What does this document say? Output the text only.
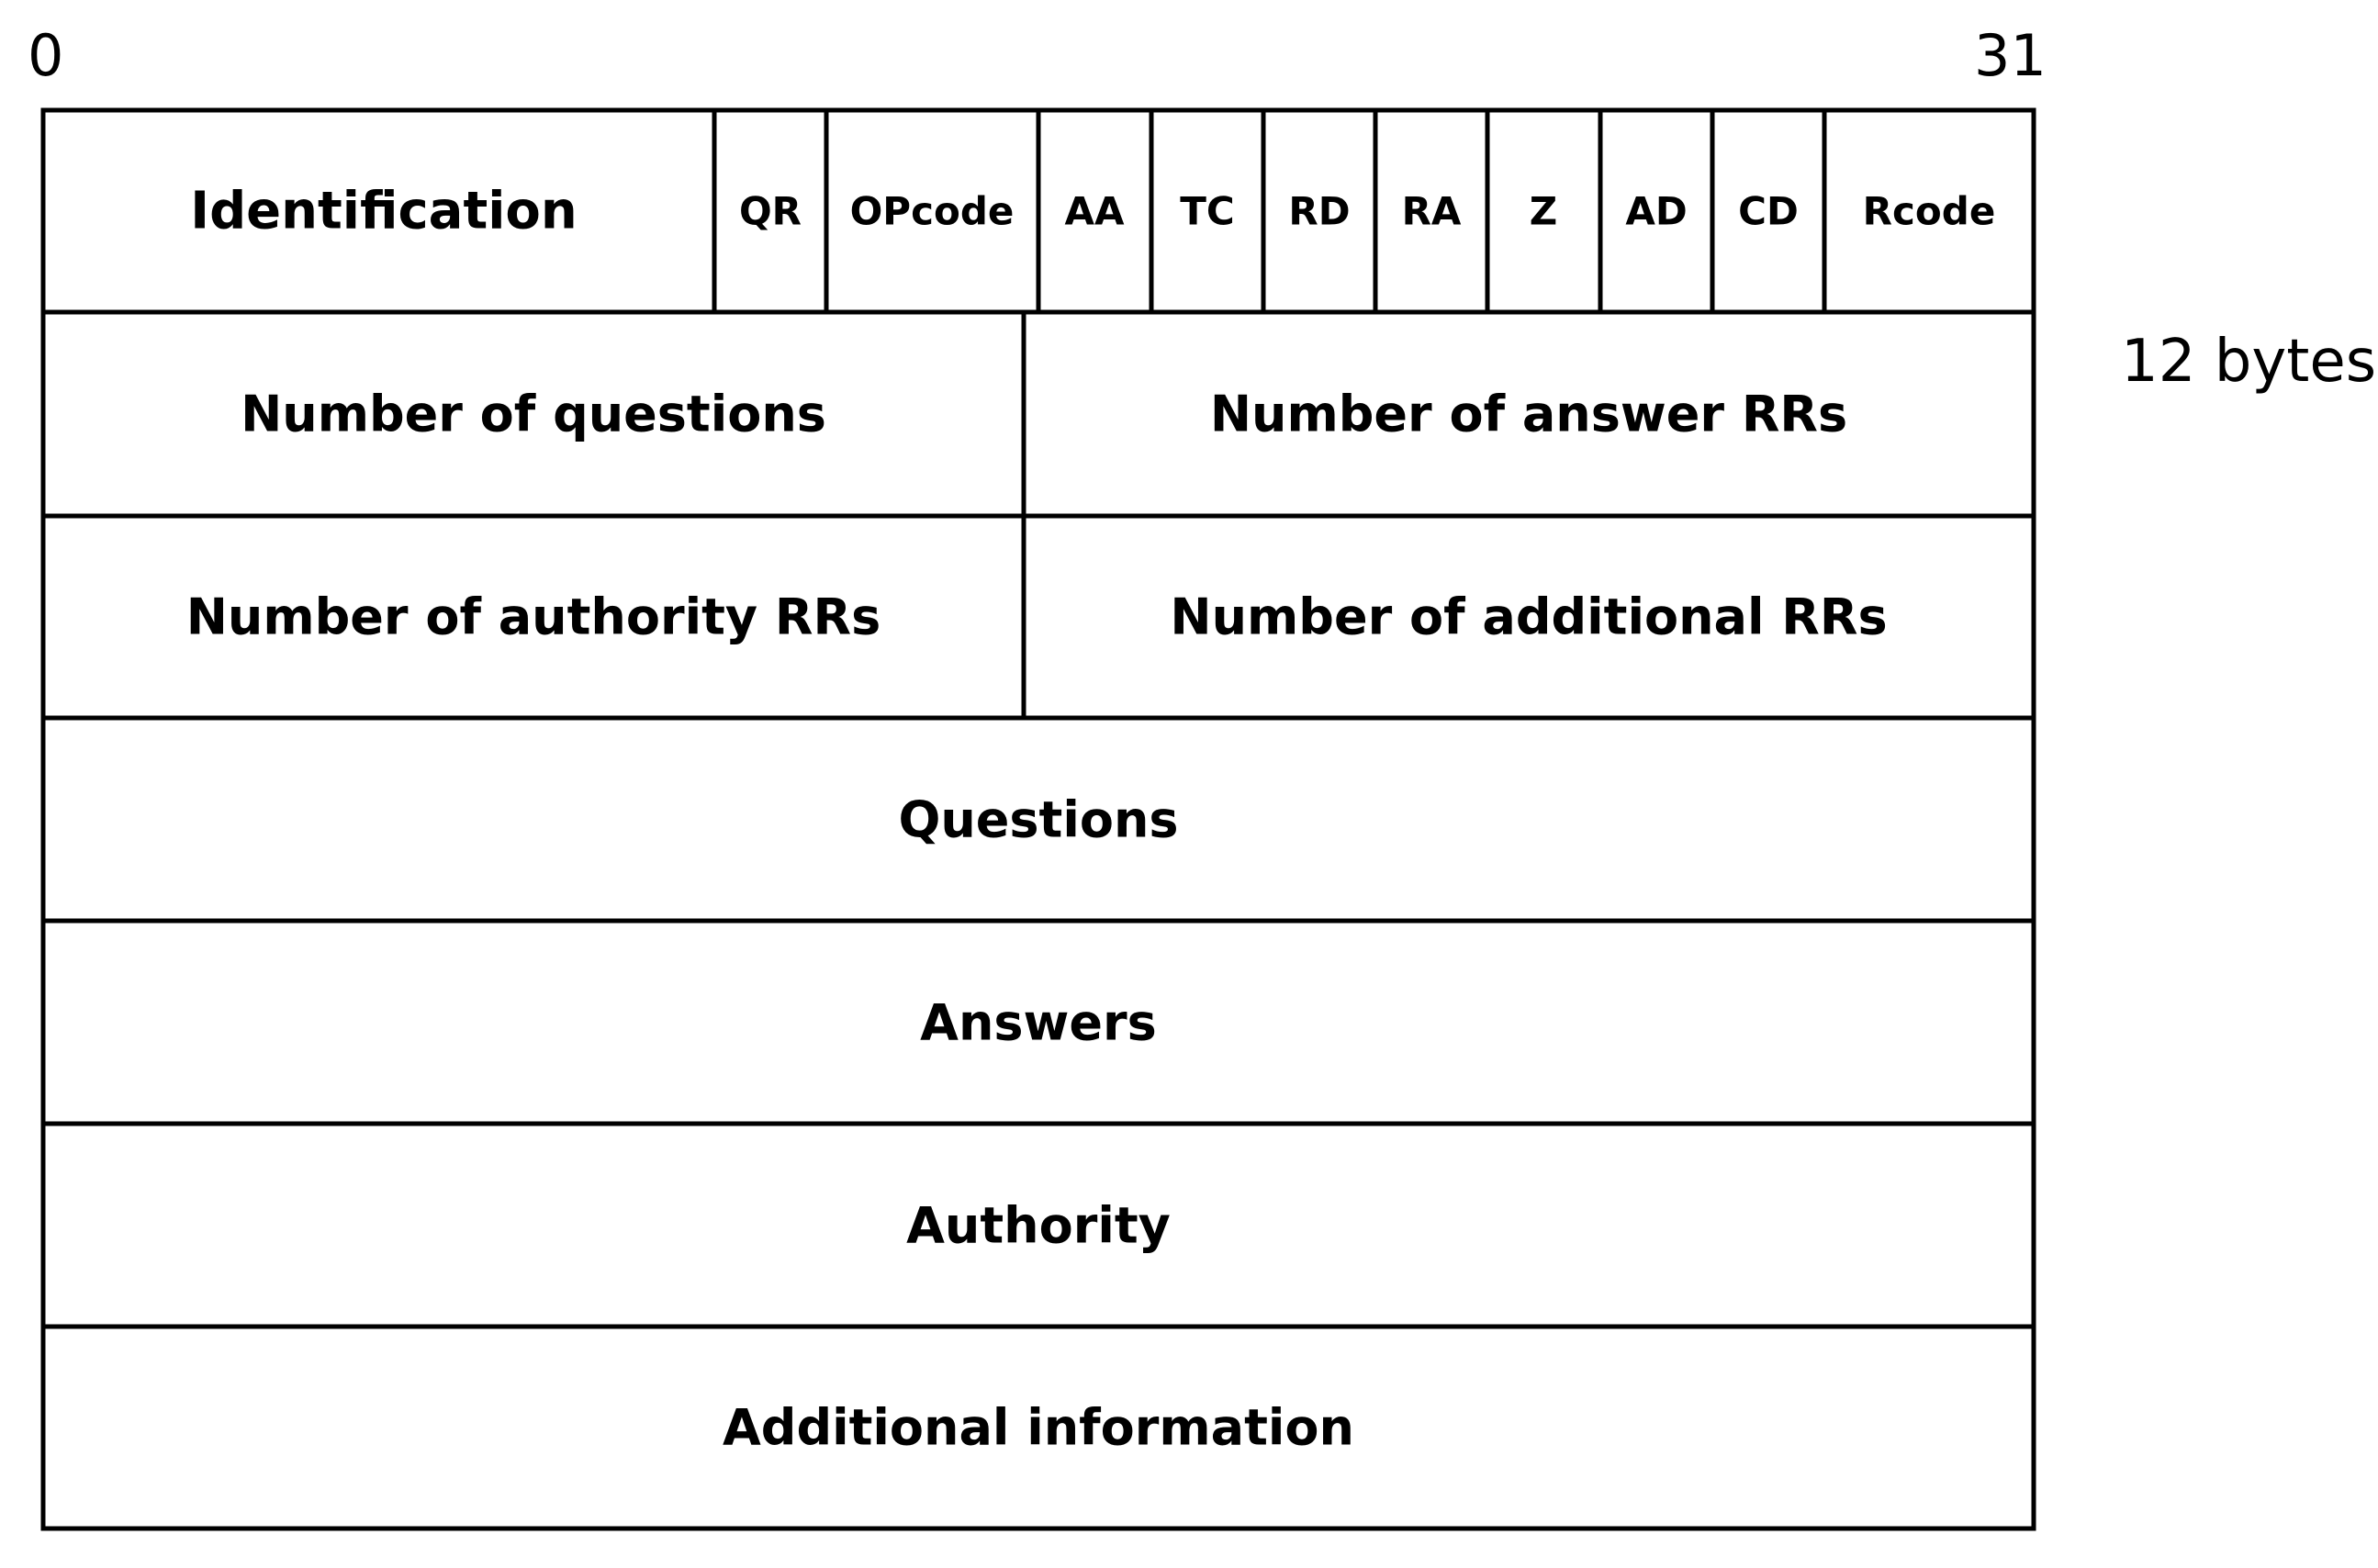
0	31
12 bytes
Identification	QR OPcode AA TC RD RA Z AD CD Rcode
Number of questions	Number of answer RRs
Number of authority RRs	Number of additional RRs
Questions
Answers
Authority
Additional information
